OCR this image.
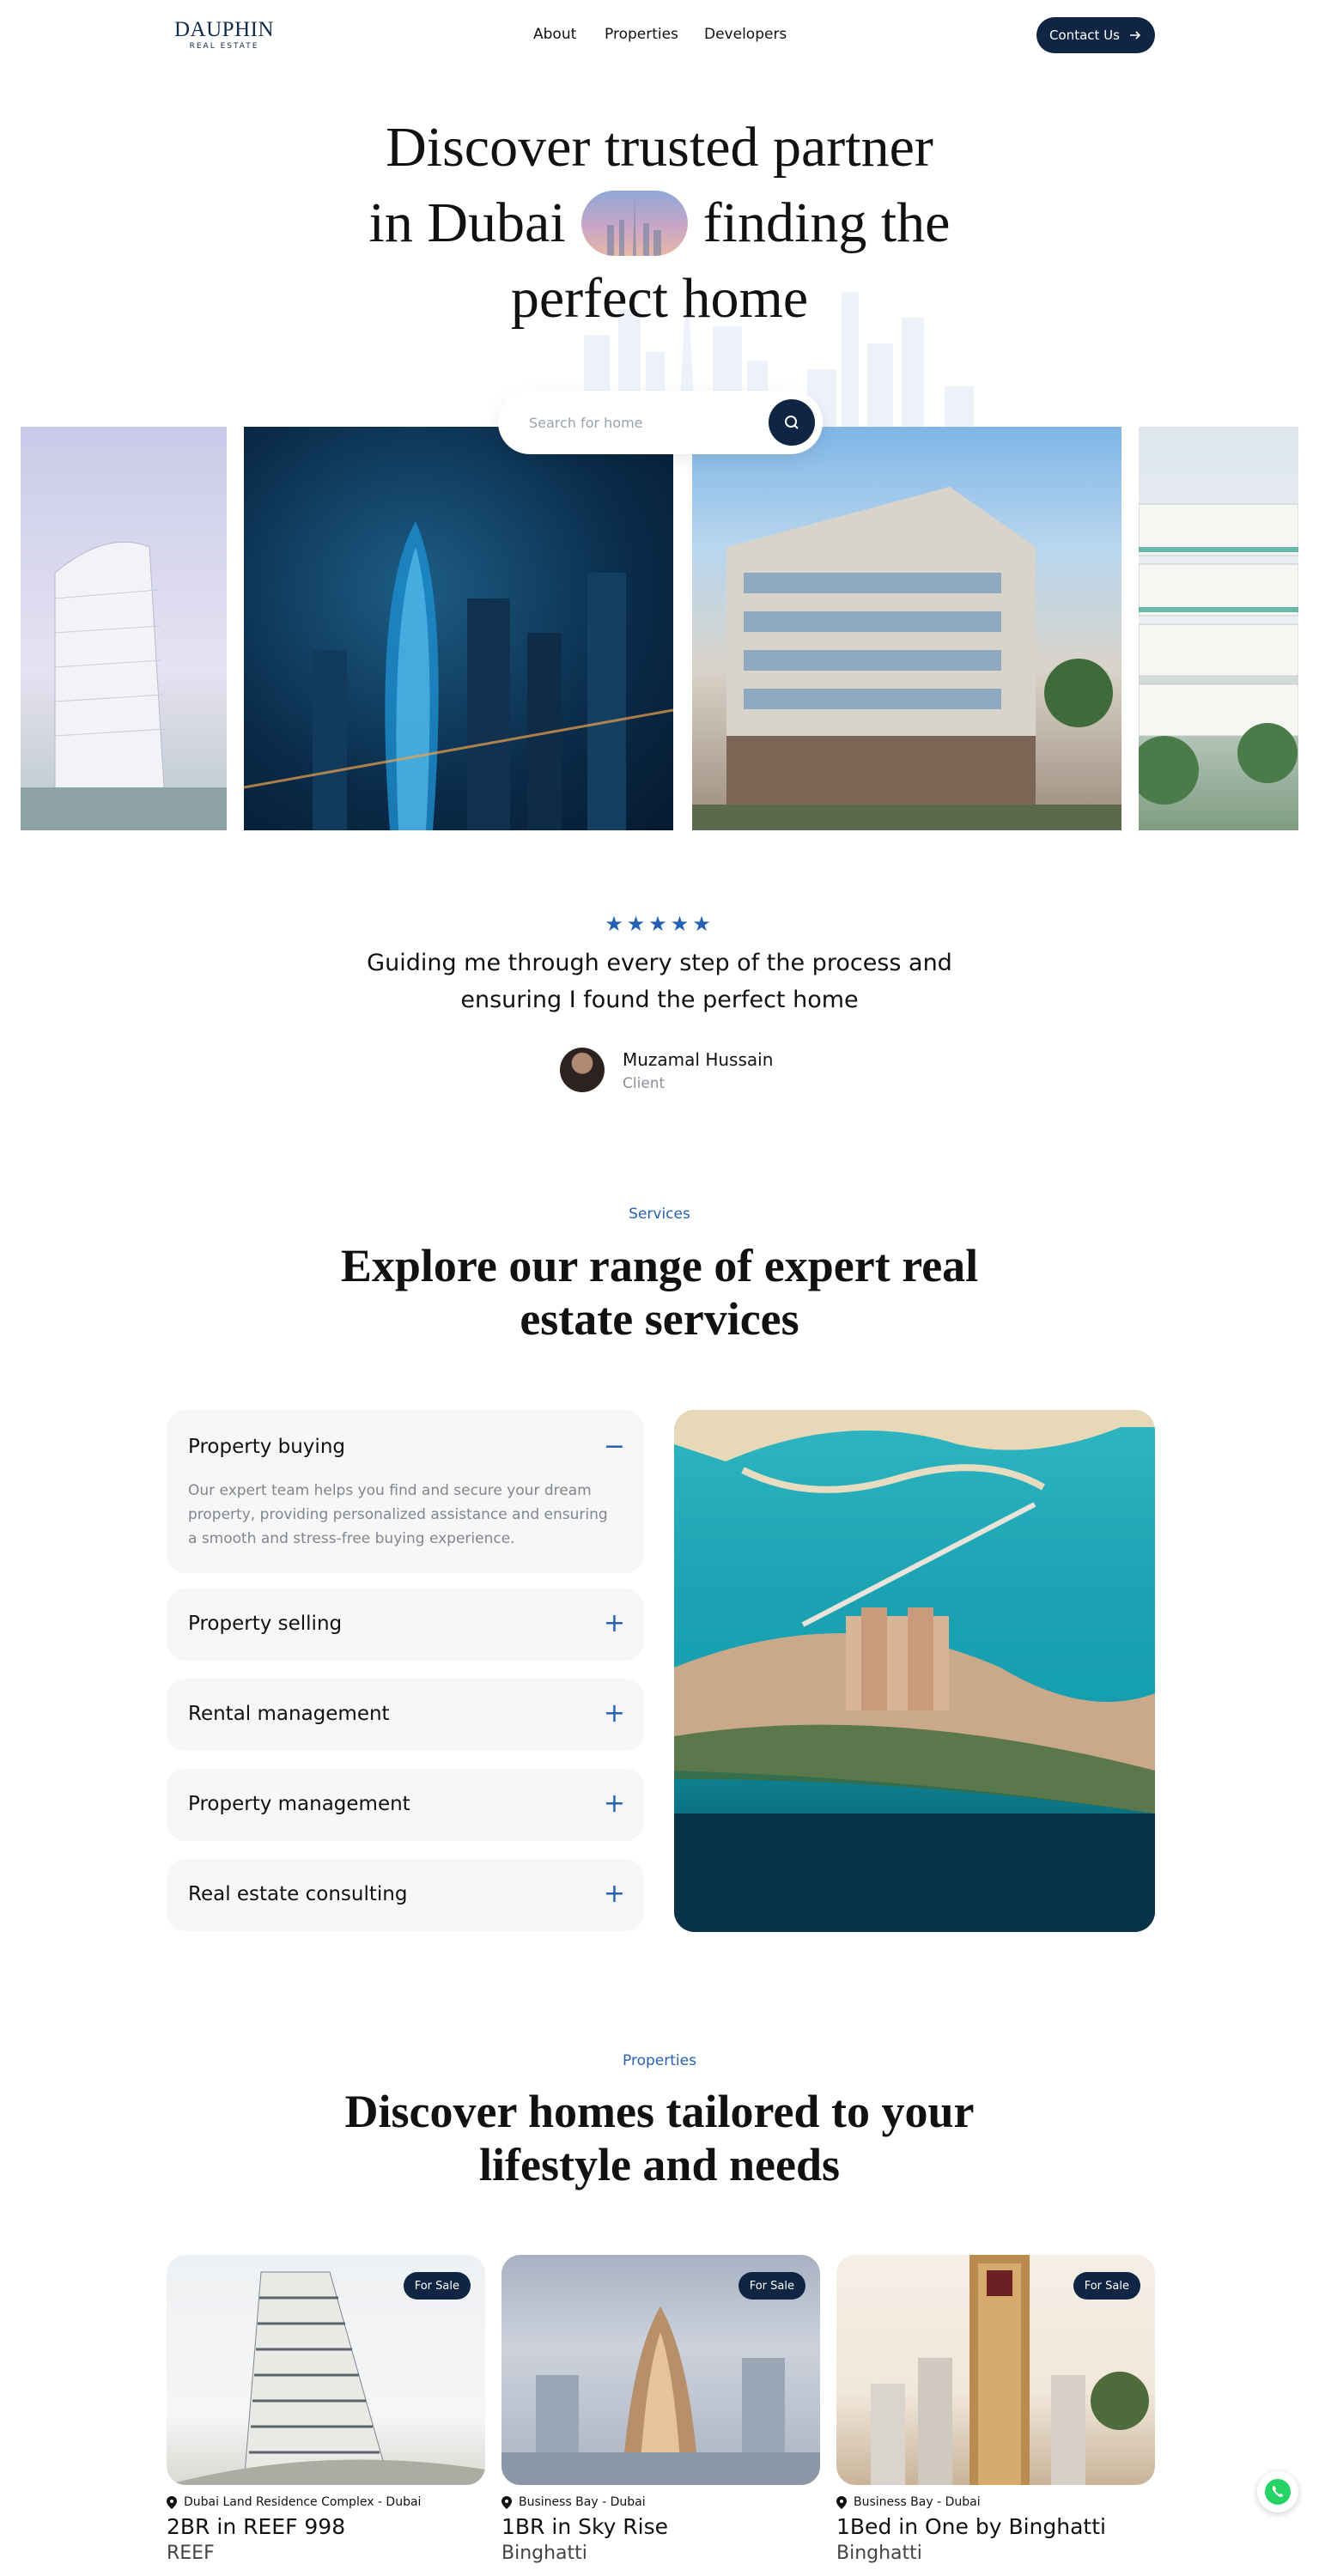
DAUPHIN
REAL ESTATE
About Properties Developers	Contact Us
Discover trusted partner
in Dubai finding the
perfect home
Search for home
★★★★★

Guiding me through every step of the process and ensuring I found the perfect home

Muzamal Hussain
Client
Services
Explore our range of expert real estate services
Property buying	−
Our expert team helps you find and secure your dream property, providing personalized assistance and ensuring a smooth and stress-free buying experience.
Property selling	+
Rental management	+
Property management	+
Real estate consulting	+
Properties
Discover homes tailored to your lifestyle and needs
For Sale
Dubai Land Residence Complex - Dubai
2BR in REEF 998
REEF
For Sale
Business Bay - Dubai
1BR in Sky Rise
Binghatti
For Sale
Business Bay - Dubai
1Bed in One by Binghatti
Binghatti
